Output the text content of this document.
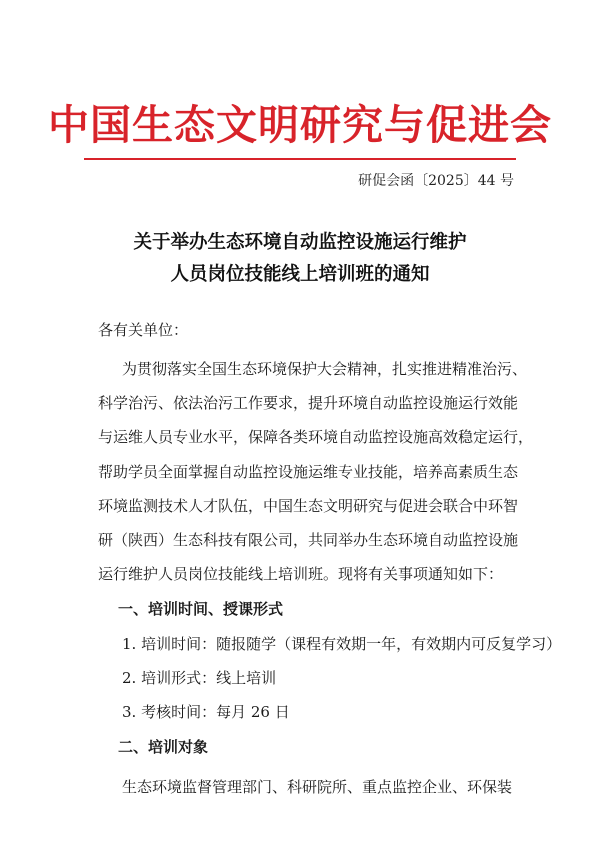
中国生态文明研究与促进会
研促会函〔2025〕44 号
关于举办生态环境自动监控设施运行维护
人员岗位技能线上培训班的通知
各有关单位：
为贯彻落实全国生态环境保护大会精神，扎实推进精准治污、
科学治污、依法治污工作要求，提升环境自动监控设施运行效能
与运维人员专业水平，保障各类环境自动监控设施高效稳定运行，
帮助学员全面掌握自动监控设施运维专业技能，培养高素质生态
环境监测技术人才队伍，中国生态文明研究与促进会联合中环智
研（陕西）生态科技有限公司，共同举办生态环境自动监控设施
运行维护人员岗位技能线上培训班。现将有关事项通知如下：
一、培训时间、授课形式
1. 培训时间：随报随学（课程有效期一年，有效期内可反复学习）
2. 培训形式：线上培训
3. 考核时间：每月 26 日
二、培训对象
生态环境监督管理部门、科研院所、重点监控企业、环保装
